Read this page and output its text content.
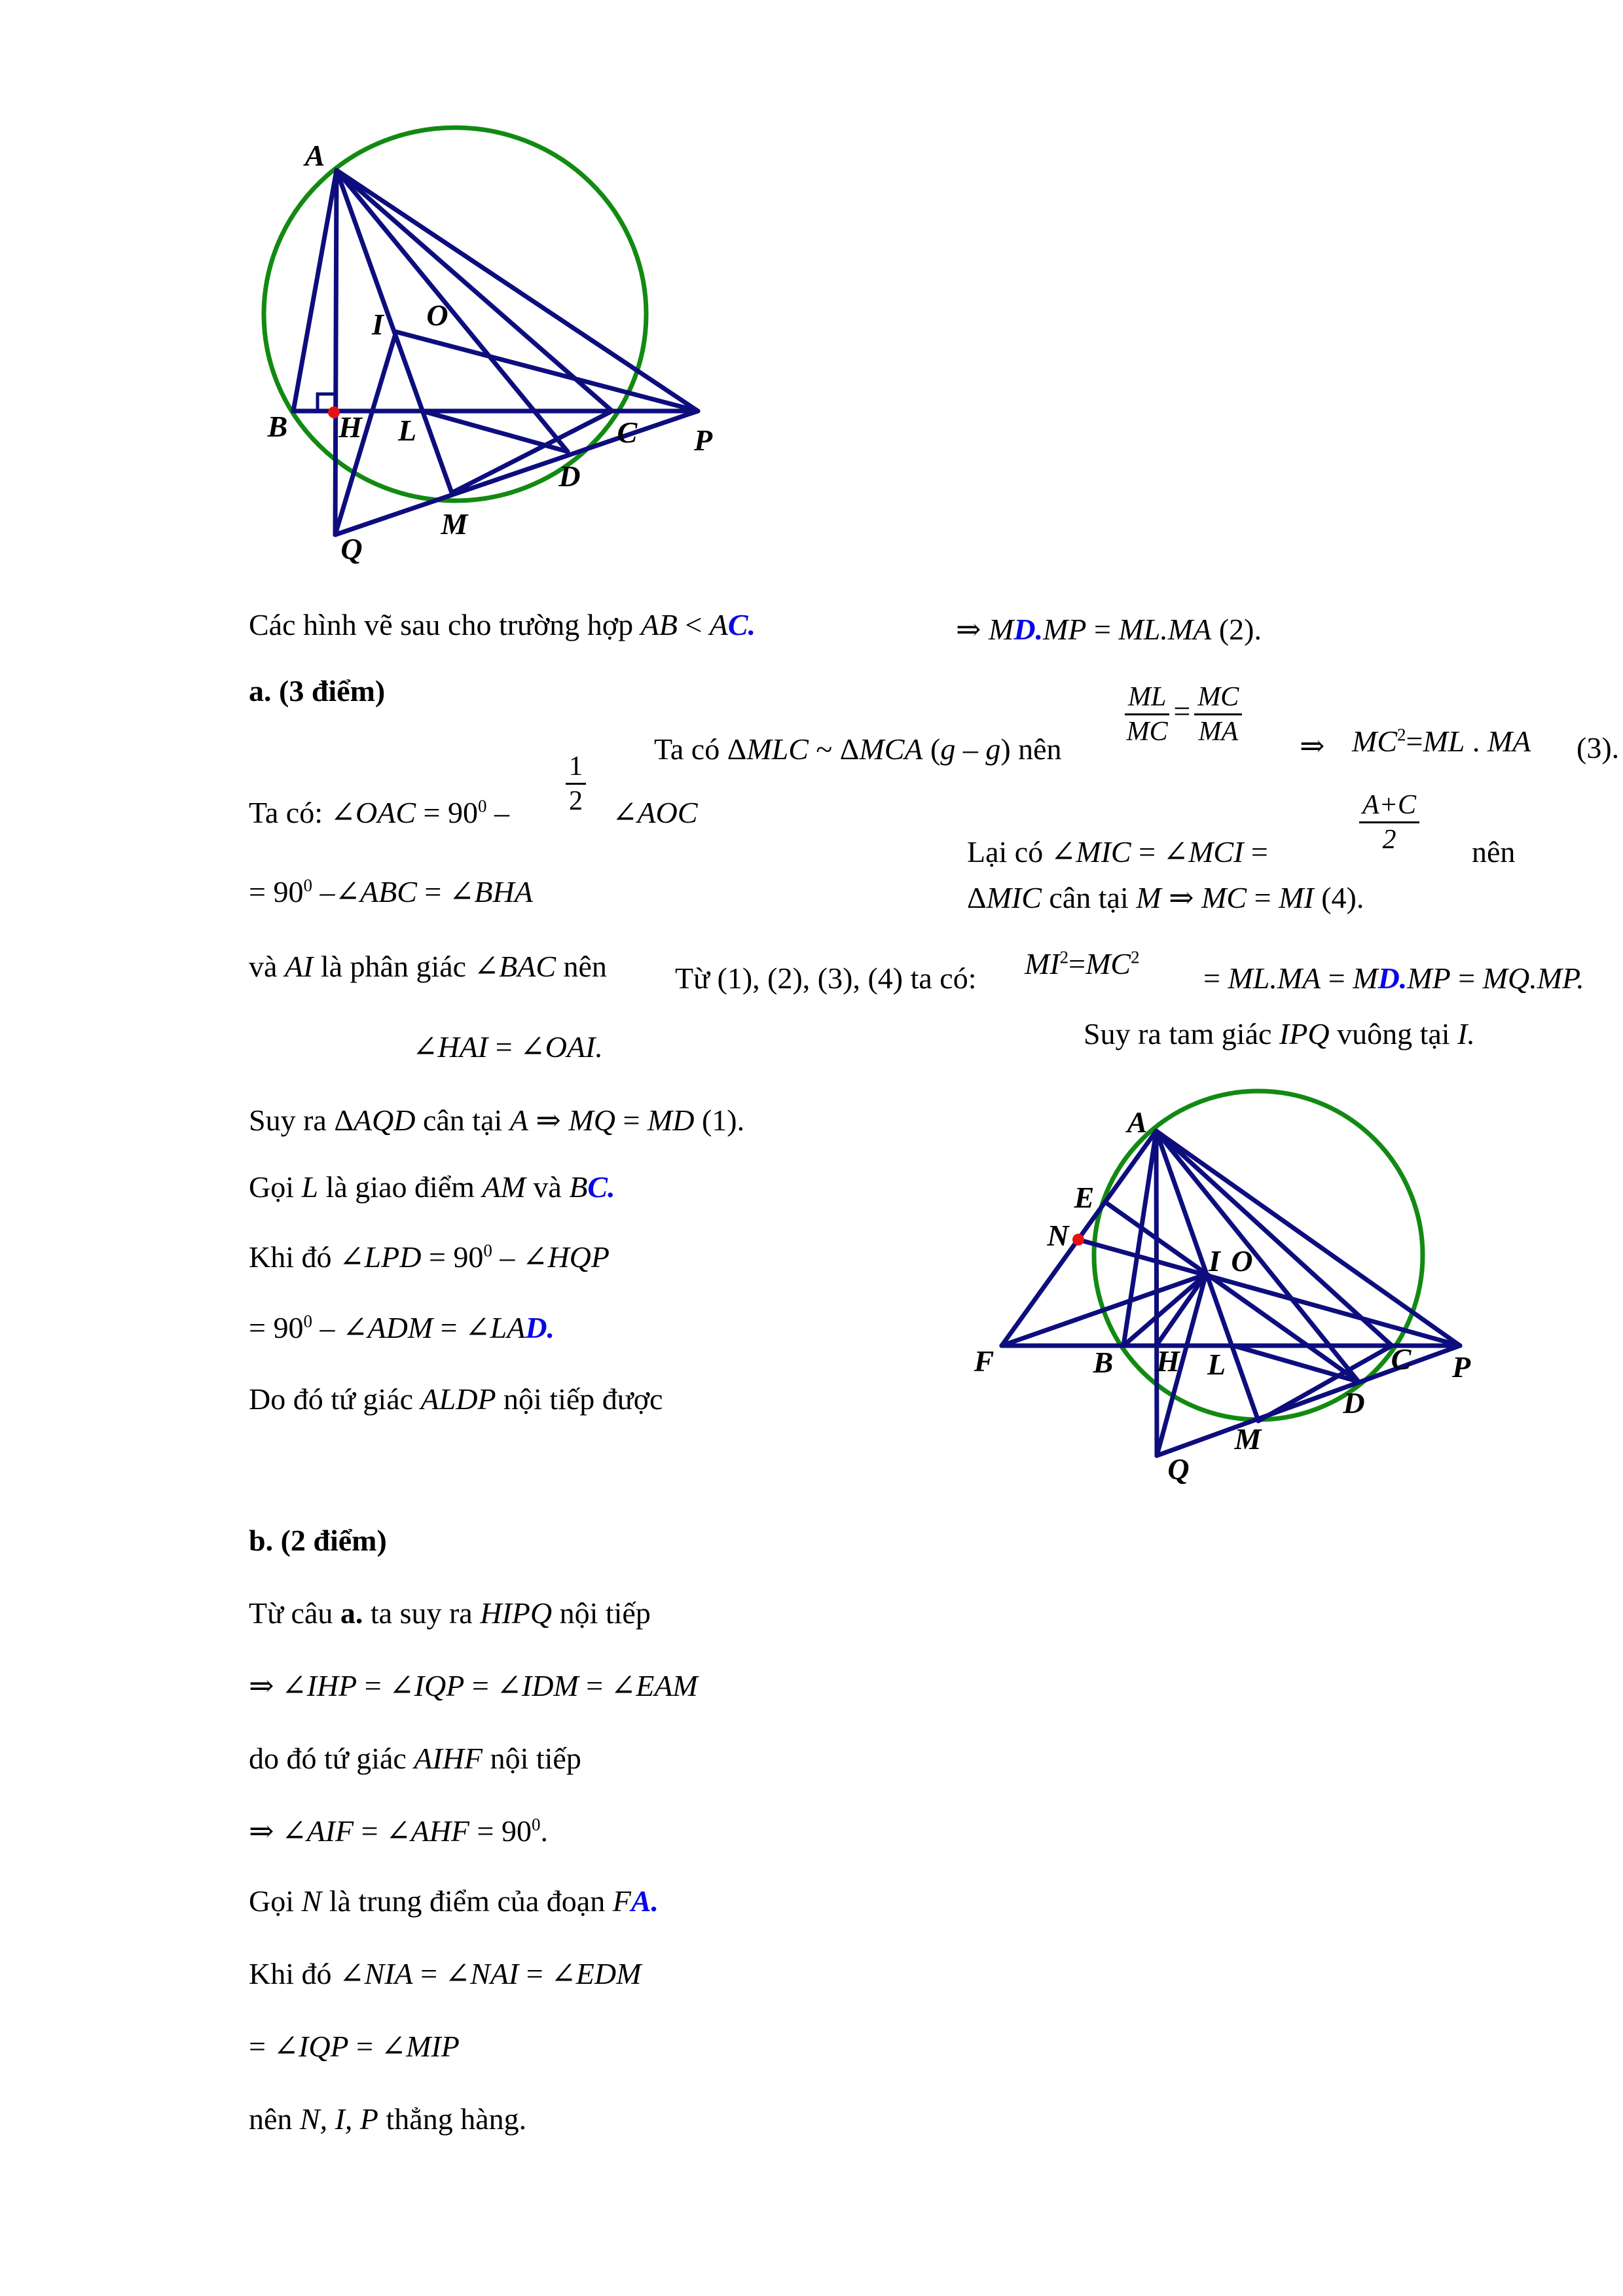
Các hình vẽ sau cho trường hợp AB < AC.
a. (3 điểm)
Ta có: ∠OAC = $90^0 - \frac{1}{2}$ ∠AOC
= $90^0$ –∠ABC = ∠BHA
và AI là phân giác ∠BAC nên
∠HAI = ∠OAI.
Suy ra ΔAQD cân tại A ⇒ MQ = MD (1).
Gọi L là giao điểm AM và BC.
Khi đó ∠LPD = $90^0$ – ∠HQP
= $90^0$ – ∠ADM = ∠LAD.
Do đó tứ giác ALDP nội tiếp được
b. (2 điểm)
Từ câu a. ta suy ra HIPQ nội tiếp
⇒ ∠IHP = ∠IQP = ∠IDM = ∠EAM
do đó tứ giác AIHF nội tiếp
⇒ ∠AIF = ∠AHF = $90^0$.
Gọi N là trung điểm của đoạn FA.
Khi đó ∠NIA = ∠NAI = ∠EDM
= ∠IQP = ∠MIP
nên N, I, P thẳng hàng.
⇒ MD.MP = ML.MA (2).
Ta có ΔMLC ~ ΔMCA (g – g) nên
$\frac{ML}{MC} = \frac{MC}{MA}$ ⇒ $MC^2=ML$ . MA (3).
Lại có ∠MIC = ∠MCI =	$\frac{A+C}{2}$ nên
ΔMIC cân tại M ⇒ MC = MI (4).
Từ (1), (2), (3), (4) ta có: $MI^2=MC^2$
= ML.MA = MD.MP = MQ.MP.
Suy ra tam giác IPQ vuông tại I.
A
B H L	C P
D
M
Q
I O
A
E
N
I O
F	B H L	C P
D
M
Q
